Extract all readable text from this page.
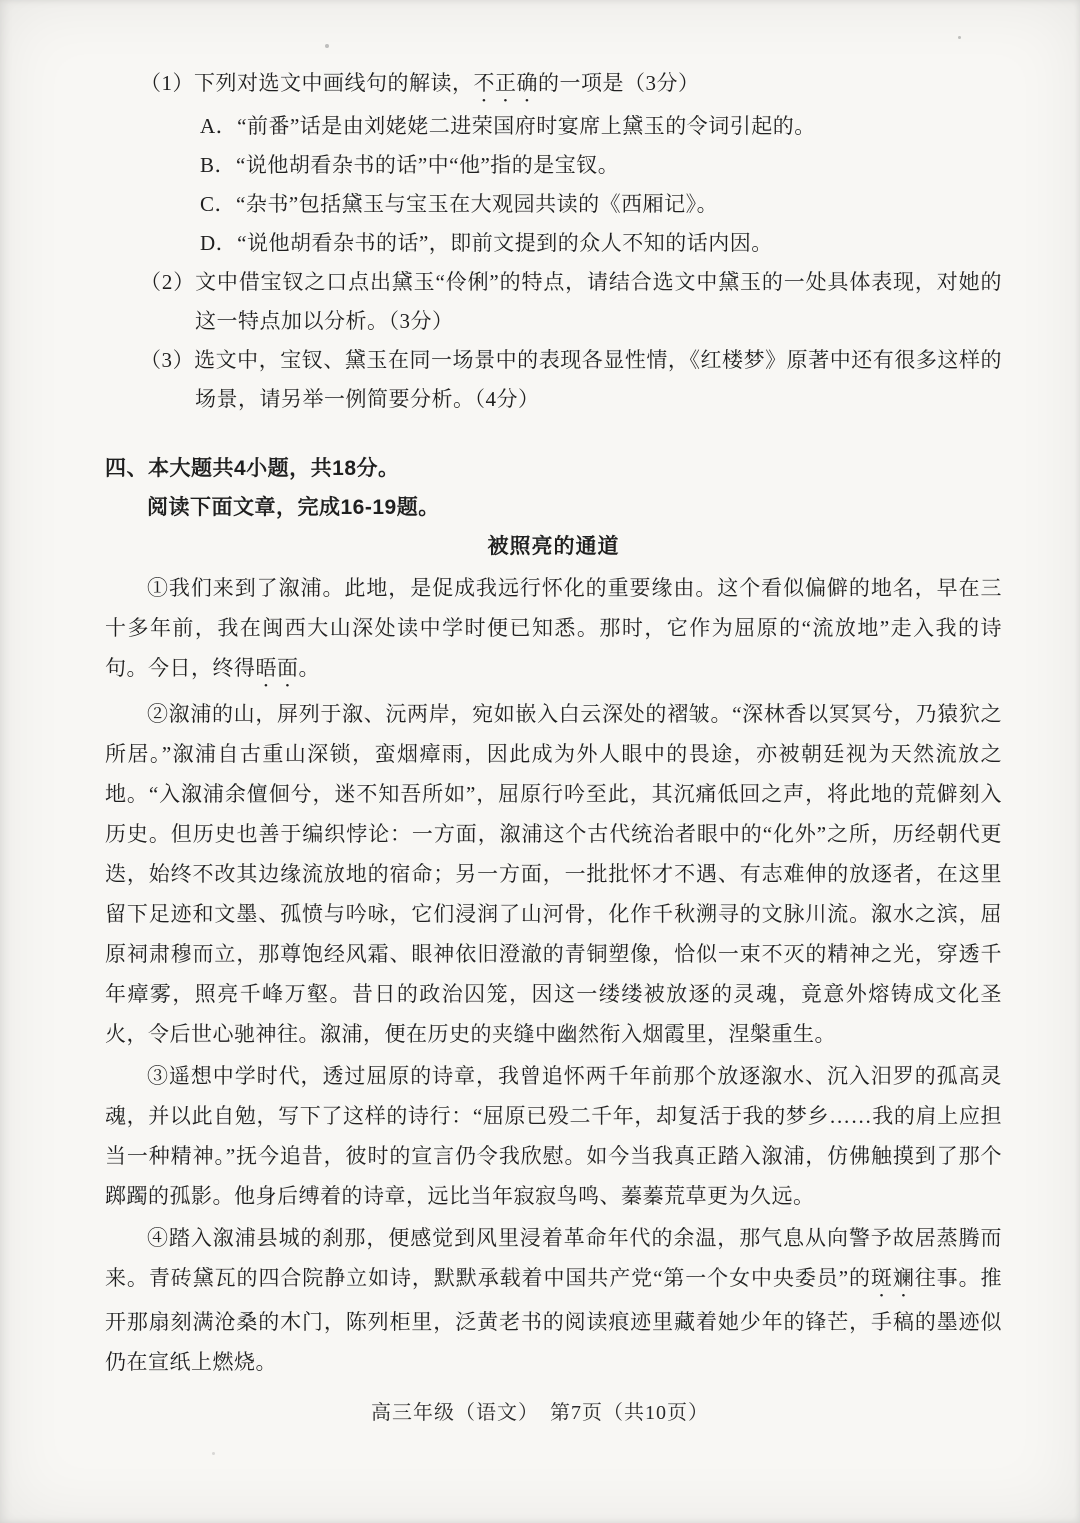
（1）下列对选文中画线句的解读，不正确的一项是（3分）
A．“前番”话是由刘姥姥二进荣国府时宴席上黛玉的令词引起的。
B．“说他胡看杂书的话”中“他”指的是宝钗。
C．“杂书”包括黛玉与宝玉在大观园共读的《西厢记》。
D．“说他胡看杂书的话”，即前文提到的众人不知的话内因。
（2）文中借宝钗之口点出黛玉“伶俐”的特点，请结合选文中黛玉的一处具体表现，对她的这一特点加以分析。（3分）
（3）选文中，宝钗、黛玉在同一场景中的表现各显性情，《红楼梦》原著中还有很多这样的场景，请另举一例简要分析。（4分）
四、本大题共4小题，共18分。
阅读下面文章，完成16-19题。
被照亮的通道
①我们来到了溆浦。此地，是促成我远行怀化的重要缘由。这个看似偏僻的地名，早在三十多年前，我在闽西大山深处读中学时便已知悉。那时，它作为屈原的“流放地”走入我的诗句。今日，终得晤面。
②溆浦的山，屏列于溆、沅两岸，宛如嵌入白云深处的褶皱。“深林香以冥冥兮，乃猿狖之所居。”溆浦自古重山深锁，蛮烟瘴雨，因此成为外人眼中的畏途，亦被朝廷视为天然流放之地。“入溆浦余儃佪兮，迷不知吾所如”，屈原行吟至此，其沉痛低回之声，将此地的荒僻刻入历史。但历史也善于编织悖论：一方面，溆浦这个古代统治者眼中的“化外”之所，历经朝代更迭，始终不改其边缘流放地的宿命；另一方面，一批批怀才不遇、有志难伸的放逐者，在这里留下足迹和文墨、孤愤与吟咏，它们浸润了山河骨，化作千秋溯寻的文脉川流。溆水之滨，屈原祠肃穆而立，那尊饱经风霜、眼神依旧澄澈的青铜塑像，恰似一束不灭的精神之光，穿透千年瘴雾，照亮千峰万壑。昔日的政治囚笼，因这一缕缕被放逐的灵魂，竟意外熔铸成文化圣火，令后世心驰神往。溆浦，便在历史的夹缝中幽然衔入烟霞里，涅槃重生。
③遥想中学时代，透过屈原的诗章，我曾追怀两千年前那个放逐溆水、沉入汨罗的孤高灵魂，并以此自勉，写下了这样的诗行：“屈原已殁二千年，却复活于我的梦乡……我的肩上应担当一种精神。”抚今追昔，彼时的宣言仍令我欣慰。如今当我真正踏入溆浦，仿佛触摸到了那个踯躅的孤影。他身后缚着的诗章，远比当年寂寂鸟鸣、蓁蓁荒草更为久远。
④踏入溆浦县城的刹那，便感觉到风里浸着革命年代的余温，那气息从向警予故居蒸腾而来。青砖黛瓦的四合院静立如诗，默默承载着中国共产党“第一个女中央委员”的斑斓往事。推开那扇刻满沧桑的木门，陈列柜里，泛黄老书的阅读痕迹里藏着她少年的锋芒，手稿的墨迹似仍在宣纸上燃烧。
高三年级（语文）　第7页（共10页）
